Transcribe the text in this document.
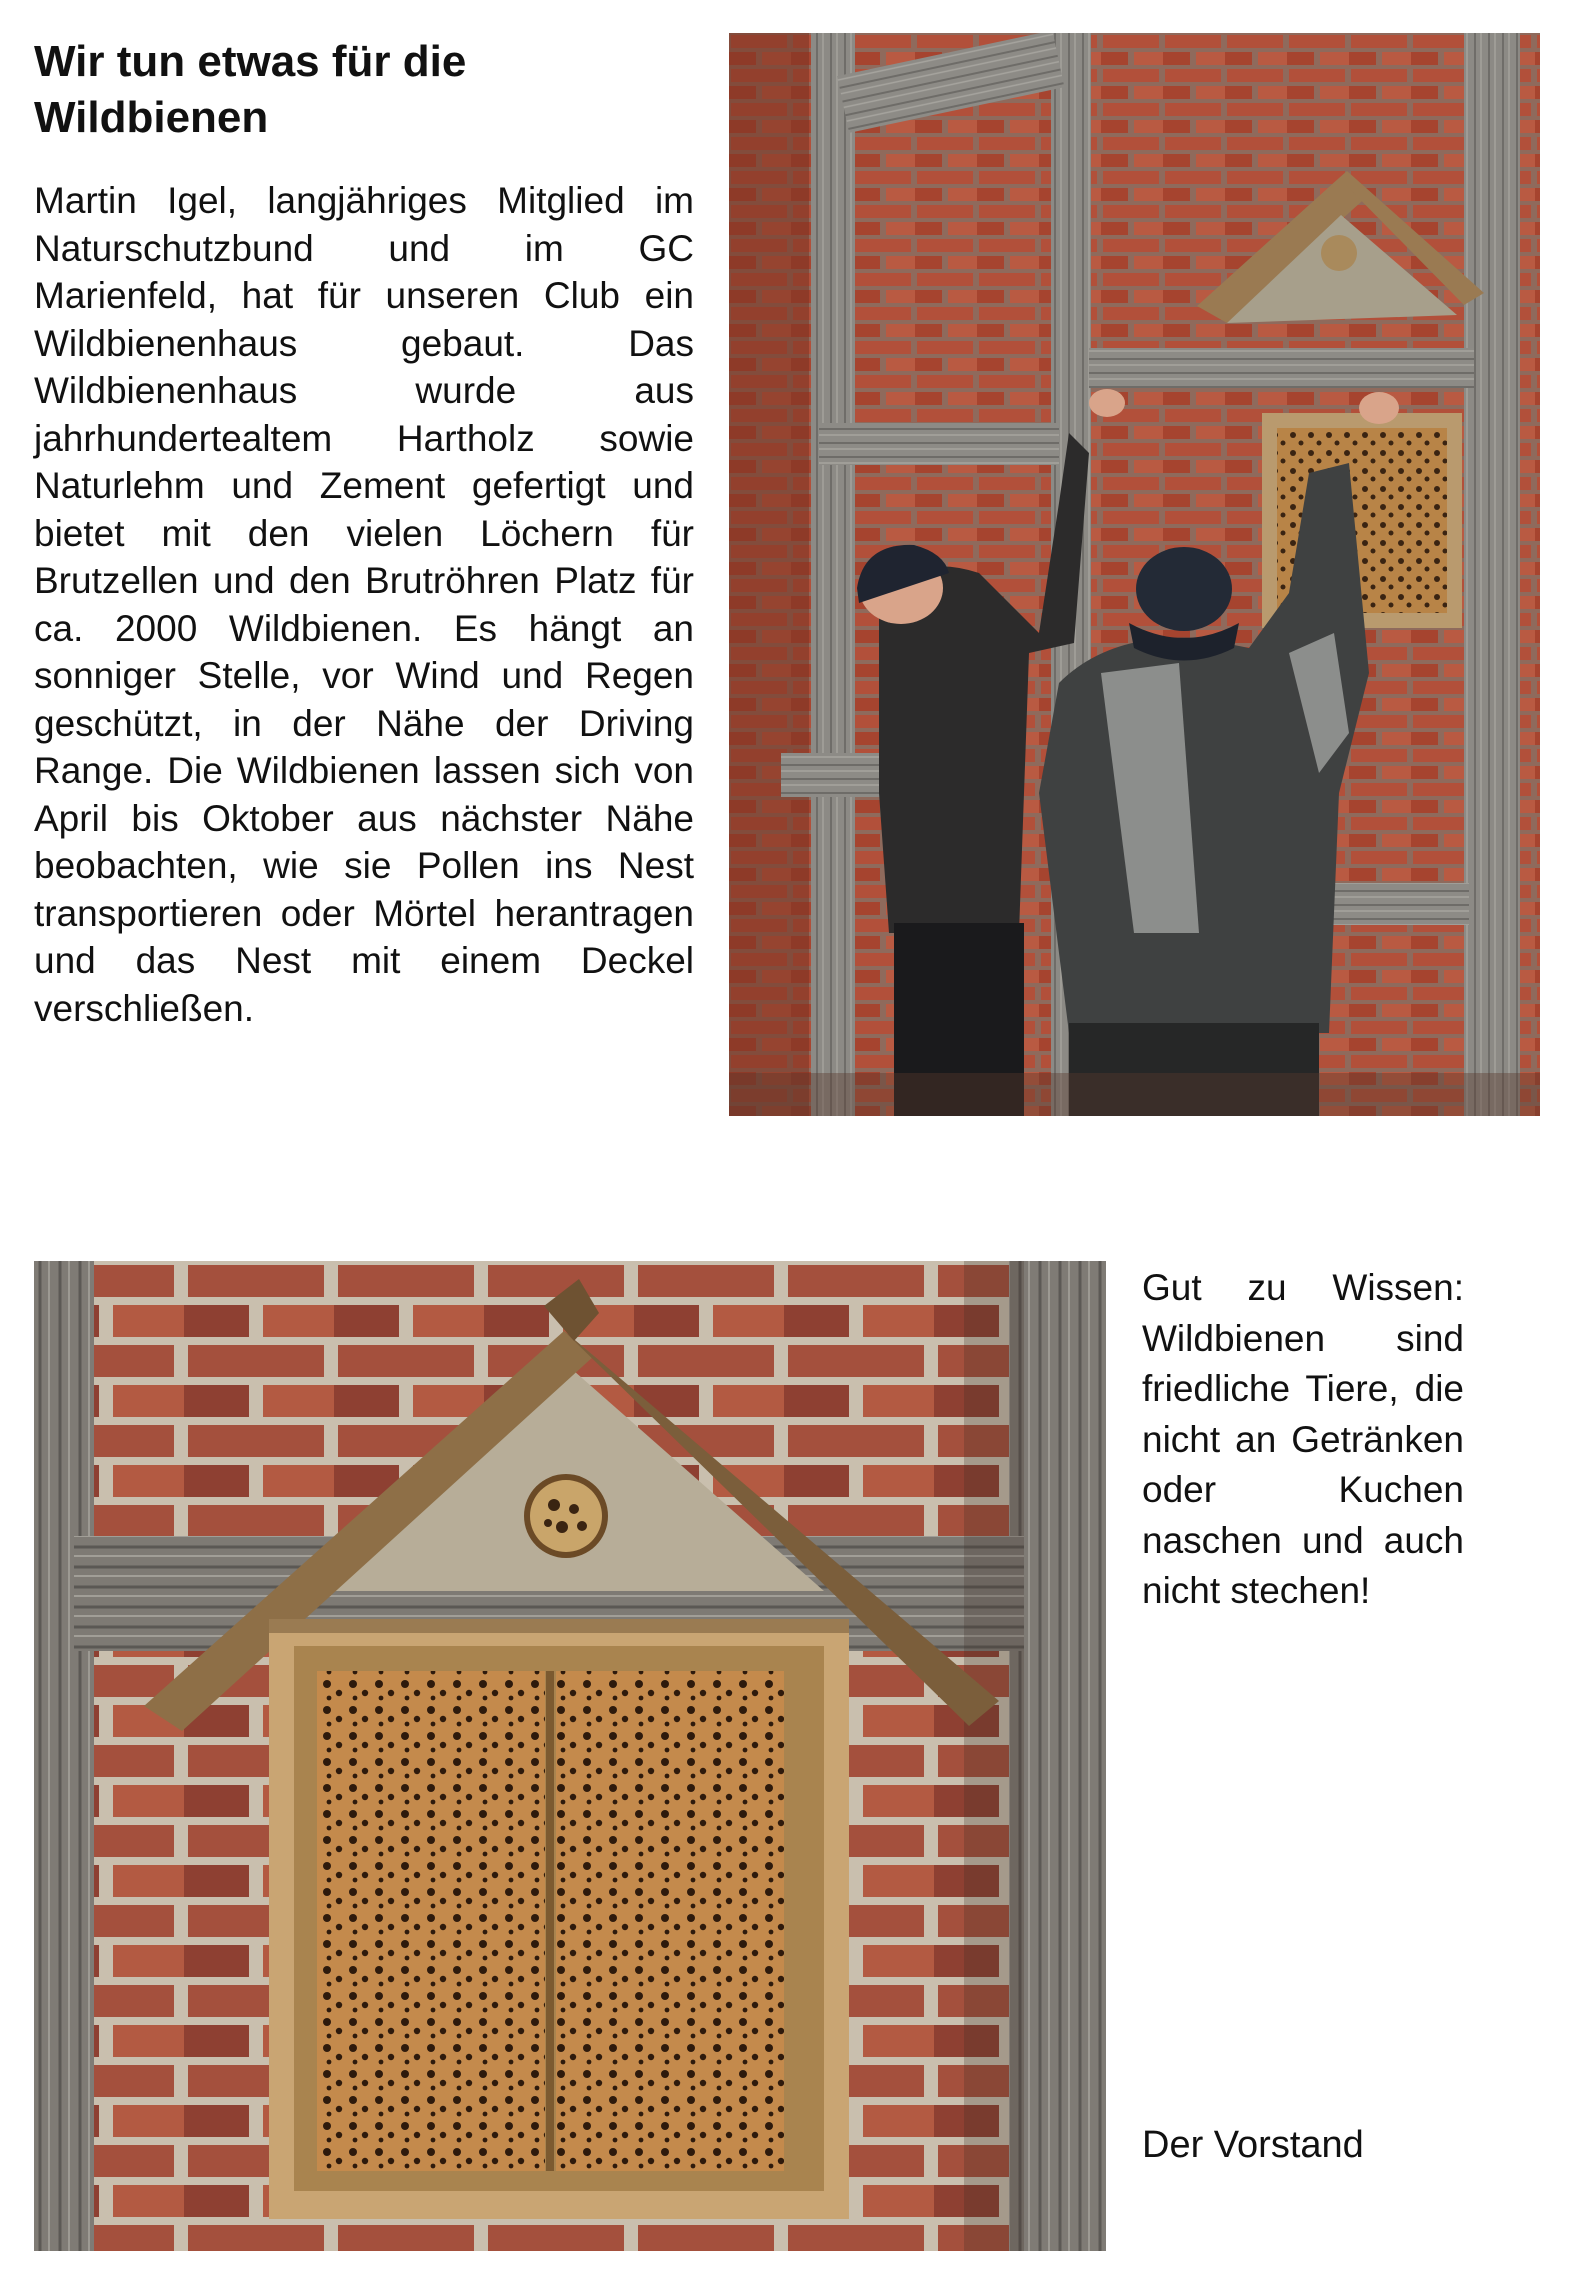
Wir tun etwas für die Wildbienen

Martin Igel, langjähriges Mitglied im Naturschutzbund und im GC Marienfeld, hat für unseren Club ein Wildbienenhaus gebaut. Das Wildbienenhaus wurde aus jahrhundertealtem Hartholz sowie Naturlehm und Zement gefertigt und bietet mit den vielen Löchern für Brutzellen und den Brutröhren Platz für ca. 2000 Wildbienen. Es hängt an sonniger Stelle, vor Wind und Regen geschützt, in der Nähe der Driving Range. Die Wildbienen lassen sich von April bis Oktober aus nächster Nähe beobachten, wie sie Pollen ins Nest transportieren oder Mörtel herantragen und das Nest mit einem Deckel verschließen.

Gut zu Wissen: Wildbienen sind friedliche Tiere, die nicht an Getränken oder Kuchen naschen und auch nicht stechen!

Der Vorstand
